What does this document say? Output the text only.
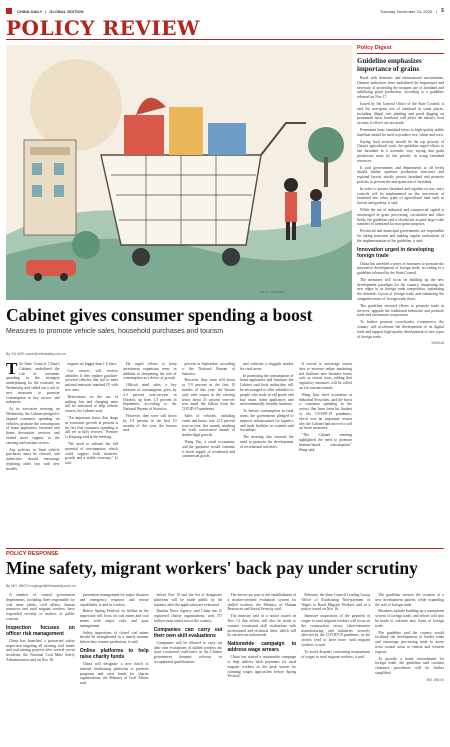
CHINA DAILY | GLOBAL EDITION	Tuesday, November 24, 2020 | 5
POLICY REVIEW
XIE YU / CHINA DAILY
Policy Digest
Guideline emphasizes importance of grains

Rural with domestic and international uncertainties, Chinese authorities have underlined the importance and necessity of protecting the margins use of farmland and stabilizing grain production, according to a guideline released on Nov 17.

Issued by the General Office of the State Council, it said the non-grain use of farmland in some places, including illegal tree planting and pond digging on permanent basic farmland, will affect the nation's food security if efforts are not made.

Permanent basic farmland refers to high-quality arable land that should be used to produce rice, wheat and corn.

Saying food security should be the top priority of China's agricultural work, the guideline urged efforts to use farmland in a scientific way, saying that grain production must be the priority in using farmland resources.

It said governments and departments at all levels should further optimize production structures and regional layout, strictly protect farmland and promote policies to prevent the non-grain use of farmland.

In order to protect farmland and regulate its use, strict controls will be implemented on the conversion of farmland into other types of agricultural land such as forests and gardens, it said.

While the use of industrial and commercial capital is encouraged in grain processing, circulation and other fields, the guideline said it should not acquire large-scale transfers of farmland for non-grain purposes.

Provincial and municipal governments are responsible for taking measures and making regular evaluations of the implementation of the guideline, it said.

Innovation urged in developing foreign trade

China has unveiled a series of measures to promote the innovative development of foreign trade, according to a guideline released by the State Council.

The measures will focus on building up the new development paradigm for the country, sharpening the new edges in its foreign trade competition, optimizing the domestic layout of foreign trade and enhancing the competitiveness of foreign trade firms.

The guideline stressed efforts to promote trade in services, upgrade the traditional industries and promote trade and investment cooperation.

To further promote cross-border e-commerce, the country will accelerate the development of its digital trade and support high-quality development of new types of foreign trade.

XINHUA
Cabinet gives consumer spending a boost
Measures to promote vehicle sales, household purchases and tourism
By XU WEI xuwei@chinadaily.com.cn
T he State Council, China's Cabinet, underlined the role of consumer spending as the strongest underpinning for the economy on Wednesday and called out a raft of new measures to promote consumption in key sectors and industries.

At its executive meeting on Wednesday, the Cabinet pledged to expand consumer spending on vehicles, promote the consumption of home appliances, furniture and home decoration services and extend more support to the catering and tourism sectors.

Any policies to limit vehicle purchases must be relaxed, and authorities should encourage replacing older cars with new models.

engines no bigger than 1.6 liters.

Car owners will receive subsidies if they replace gasoline-powered vehicles that fail to meet national emission standard IV with new ones.

Restrictions on the use of parking lots and charging units will be enhanced to help vehicle owners, the Cabinet said.

"An important factor that drags on economic growth at present is the fact that consumer spending is still yet to fully recover," Premier Li Keqiang said at the meeting.

"We need to unleash the full potential of consumption, which could support both domestic growth and a stable economy," Li said.

He urged efforts to keep investment expansion even, in addition to sharpening the role of consumption as a driver of growth.

Official retail sales, a key measure of consumption, grew by 4.3 percent year-on-year in October, up from 3.3 percent in September, according to the National Bureau of Statistics.

However, they were still down by 5.9 percent in the first 10 months of this year, the bureau said.

percent in September, according to the National Bureau of Statistics.

However, they were still down by 5.9 percent in the first 10 months of this year, the bureau said, with output in the catering sector down 21 percent year-on-year amid the fallout from the COVID-19 pandemic.

Sales of vehicles, including trucks and buses, rose 12.5 percent year-on-year last month, marking the sixth consecutive month of double-digit growth.

Wang Yao, a retail economist, said the guidance would continue to boost supply of residential and commercial goods.

and cultivate a sluggish market for rural areas.

In promoting the consumption of home appliances and furniture, the Cabinet said local authorities will be encouraged to offer subsidies to people who trade in old goods and buy smart home appliances and environmentally friendly furniture.

To bolster consumption in rural areas, the government pledged to improve infrastructure for logistics and trade facilities in counties and townships.

The meeting also stressed the need to promote the development of recreational activities.

It vowed to encourage tourist sites to increase online marketing and facilitate new business forms such as virtual tours, adding that regulatory measures will be rolled out for tourism rentals.

Wang Jian, chief economist at Industrial Securities, said the boost to consumer spending in the sectors that have been hit hardest by the COVID-19 pandemic, which was an important reason why the Cabinet had moved to roll out these measures.

"The Cabinet meeting highlighted the need to promote Internet-based consumption," Wang said.

POLICY RESPONSE
Mine safety, migrant workers' back pay under scrutiny
By MO JINGXI mojingxi@chinadaily.com.cn

A number of central government departments, including three responsible for coal mine safety, civil affairs, human resources and rural migrant workers, have responded recently to matters of public concern.

Inspection focuses on officer risk management

China has launched a protracted safety inspection targeting all existing coal mines and coal mining projects after several recent accidents, the National Coal Mine Safety Administration said on Nov 16.

prevention management for major disasters and emergency response and rescue capabilities, it said in a notice.

Before Spring Festival, its lifeline in the inspection will focus on coal mines and coal mines with major risks and poor management.

Safety inspections of closed coal mines should be strengthened in a timely manner before they resume production, it said.

Online platforms to help raise charity funds

China will designate a new batch of internet fundraising platforms to promote programs and raise funds for charity organizations, the Ministry of Civil Affairs said.

before Nov 10 and the list of designated platforms will be made public by the ministry after the application are evaluated.

Kunlun News Agency said China has 20 registered charity organizations, with 373 million yuan raised across the country.

Companies can carry out their own skill evaluations

Companies will be allowed to carry out their own evaluations of skilled workers and issue vocational certificates as the Chinese government deepens reforms on occupational qualifications.

The moves are part of the establishment of a market-oriented evaluation system for skilled workers, the Ministry of Human Resources and Social Security said.

The ministry said in a notice issued on Nov 13 that efforts will also be made to connect vocational skill evaluations with professional and technical titles, which will be carried out nationwide.

Nationwide campaign to address wage arrears

China has started a nationwide campaign to help address back payments for rural migrant workers as the peak season for claiming wages approaches before Spring Festival.

February, the State Council Leading Group Office of Eradicating Non-payment of Wages to Rural Migrant Workers said in a notice issued on Nov 16.

Intensive inspections of the payment of wages to rural migrant workers will focus on the construction sector, labor-intensive manufacturing and industries severely affected by the COVID-19 pandemic, as the sectors tend to have more rural migrant workers, it said.

To avoid disputes concerning nonpayment of wages to rural migrant workers, it said.

The guideline stresses the creation of a new development pattern, while expanding the role of foreign trade.

Measures include building up a transparent system of foreign trade, and efforts will also be made to cultivate new forms of foreign trade.

The guideline said the country would facilitate the development of border trade and encourage processing trade to move from coastal areas to central and western regions.

To provide a better environment for foreign trade, the guideline said customs clearance procedures will be further simplified.

MO JINGXI
